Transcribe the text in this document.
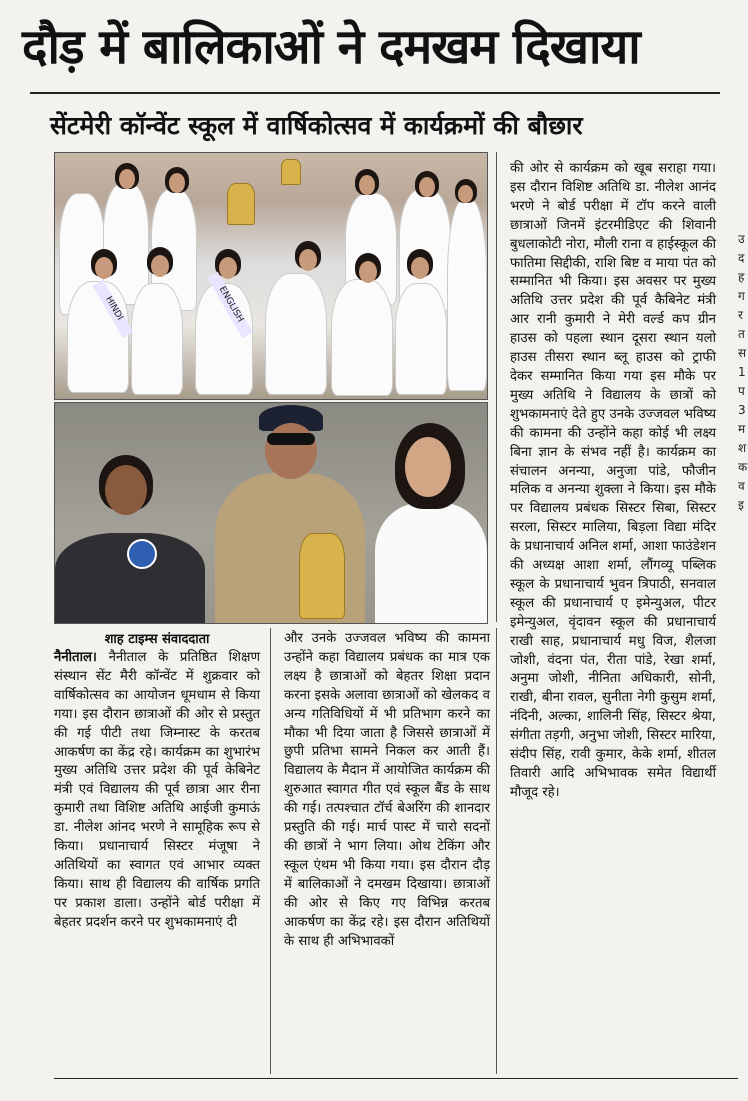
दौड़ में बालिकाओं ने दमखम दिखाया
सेंटमेरी कॉन्वेंट स्कूल में वार्षिकोत्सव में कार्यक्रमों की बौछार
HINDI	ENGLISH
शाह टाइम्स संवाददाता
नैनीताल। नैनीताल के प्रतिष्ठित शिक्षण संस्थान सेंट मैरी कॉन्वेंट में शुक्रवार को वार्षिकोत्सव का आयोजन धूमधाम से किया गया। इस दौरान छात्राओं की ओर से प्रस्तुत की गई पीटी तथा जिम्नास्ट के करतब आकर्षण का केंद्र रहे। कार्यक्रम का शुभारंभ मुख्य अतिथि उत्तर प्रदेश की पूर्व केबिनेट मंत्री एवं विद्यालय की पूर्व छात्रा आर रीना कुमारी तथा विशिष्ट अतिथि आईजी कुमाऊं डा. नीलेश आंनद भरणे ने सामूहिक रूप से किया। प्रधानाचार्य सिस्टर मंजूषा ने अतिथियों का स्वागत एवं आभार व्यक्त किया। साथ ही विद्यालय की वार्षिक प्रगति पर प्रकाश डाला। उन्होंने बोर्ड परीक्षा में बेहतर प्रदर्शन करने पर शुभकामनाएं दी
और उनके उज्जवल भविष्य की कामना उन्होंने कहा विद्यालय प्रबंधक का मात्र एक लक्ष्य है छात्राओं को बेहतर शिक्षा प्रदान करना इसके अलावा छात्राओं को खेलकद व अन्य गतिविधियों में भी प्रतिभाग करने का मौका भी दिया जाता है जिससे छात्राओं में छुपी प्रतिभा सामने निकल कर आती हैं। विद्यालय के मैदान में आयोजित कार्यक्रम की शुरुआत स्वागत गीत एवं स्कूल बैंड के साथ की गई। तत्पश्चात टॉर्च बेअरिंग की शानदार प्रस्तुति की गई। मार्च पास्ट में चारो सदनों की छात्रों ने भाग लिया। ओथ टेकिंग और स्कूल एंथम भी किया गया। इस दौरान दौड़ में बालिकाओं ने दमखम दिखाया। छात्राओं की ओर से किए गए विभिन्न करतब आकर्षण का केंद्र रहे। इस दौरान अतिथियों के साथ ही अभिभावकों
की ओर से कार्यक्रम को खूब सराहा गया। इस दौरान विशिष्ट अतिथि डा. नीलेश आनंद भरणे ने बोर्ड परीक्षा में टॉप करने वाली छात्राओं जिनमें इंटरमीडिएट की शिवानी बुधलाकोटी नोरा, मौली राना व हाईस्कूल की फातिमा सिद्दीकी, राशि बिष्ट व माया पंत को सम्मानित भी किया। इस अवसर पर मुख्य अतिथि उत्तर प्रदेश की पूर्व कैबिनेट मंत्री आर रानी कुमारी ने मेरी वर्ल्ड कप ग्रीन हाउस को पहला स्थान दूसरा स्थान यलो हाउस तीसरा स्थान ब्लू हाउस को ट्राफी देकर सम्मानित किया गया इस मौके पर मुख्य अतिथि ने विद्यालय के छात्रों को शुभकामनाएं देते हुए उनके उज्जवल भविष्य की कामना की उन्होंने कहा कोई भी लक्ष्य बिना ज्ञान के संभव नहीं है। कार्यक्रम का संचालन अनन्या, अनुजा पांडे, फौजीन मलिक व अनन्या शुक्ला ने किया। इस मौके पर विद्यालय प्रबंधक सिस्टर सिबा, सिस्टर सरला, सिस्टर मालिया, बिड़ला विद्या मंदिर के प्रधानाचार्य अनिल शर्मा, आशा फाउंडेशन की अध्यक्ष आशा शर्मा, लौंगव्यू पब्लिक स्कूल के प्रधानाचार्य भुवन त्रिपाठी, सनवाल स्कूल की प्रधानाचार्य ए इमेन्युअल, पीटर इमेन्युअल, वृंदावन स्कूल की प्रधानाचार्य राखी साह, प्रधानाचार्य मधु विज, शैलजा जोशी, वंदना पंत, रीता पांडे, रेखा शर्मा, अनुमा जोशी, नीनिता अधिकारी, सोनी, राखी, बीना रावल, सुनीता नेगी कुसुम शर्मा, नंदिनी, अल्का, शालिनी सिंह, सिस्टर श्रेया, संगीता तड़गी, अनुभा जोशी, सिस्टर मारिया, संदीप सिंह, रावी कुमार, केके शर्मा, शीतल तिवारी आदि अभिभावक समेत विद्यार्थी मौजूद रहे।
उ
द
ह
ग
र
त
स
1
प
3
म
श
क
व
इ
